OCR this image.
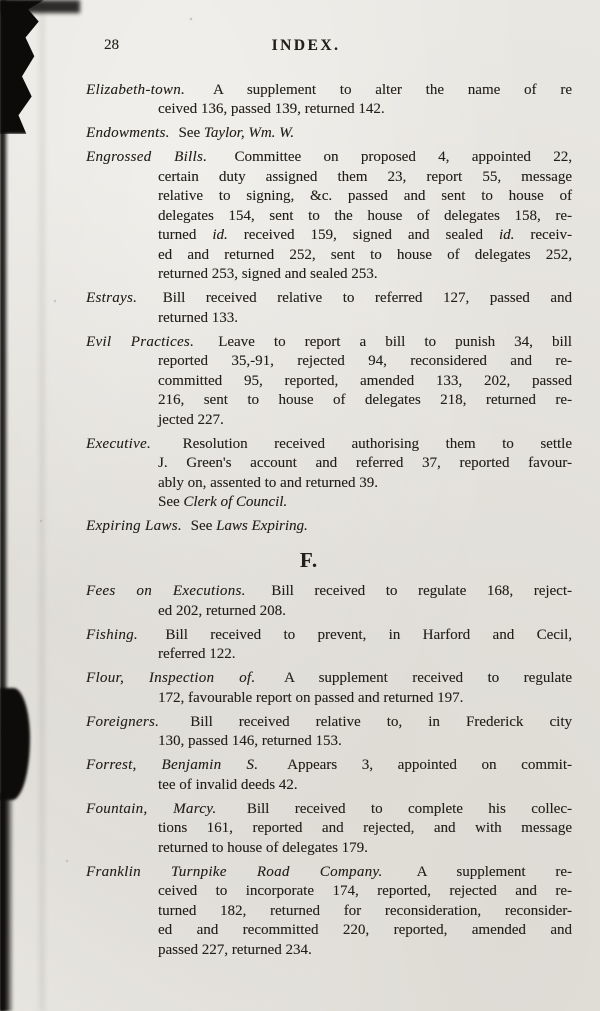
28	INDEX.
Elizabeth-town. A supplement to alter the name of re
ceived 136, passed 139, returned 142.
Endowments. See Taylor, Wm. W.
Engrossed Bills. Committee on proposed 4, appointed 22,
certain duty assigned them 23, report 55, message
relative to signing, &c. passed and sent to house of
delegates 154, sent to the house of delegates 158, re-
turned id. received 159, signed and sealed id. receiv-
ed and returned 252, sent to house of delegates 252,
returned 253, signed and sealed 253.
Estrays. Bill received relative to referred 127, passed and
returned 133.
Evil Practices. Leave to report a bill to punish 34, bill
reported 35,-91, rejected 94, reconsidered and re-
committed 95, reported, amended 133, 202, passed
216, sent to house of delegates 218, returned re-
jected 227.
Executive. Resolution received authorising them to settle
J. Green's account and referred 37, reported favour-
ably on, assented to and returned 39.
See Clerk of Council.
Expiring Laws. See Laws Expiring.
F.
Fees on Executions. Bill received to regulate 168, reject-
ed 202, returned 208.
Fishing. Bill received to prevent, in Harford and Cecil,
referred 122.
Flour, Inspection of. A supplement received to regulate
172, favourable report on passed and returned 197.
Foreigners. Bill received relative to, in Frederick city
130, passed 146, returned 153.
Forrest, Benjamin S. Appears 3, appointed on commit-
tee of invalid deeds 42.
Fountain, Marcy. Bill received to complete his collec-
tions 161, reported and rejected, and with message
returned to house of delegates 179.
Franklin Turnpike Road Company. A supplement re-
ceived to incorporate 174, reported, rejected and re-
turned 182, returned for reconsideration, reconsider-
ed and recommitted 220, reported, amended and
passed 227, returned 234.
